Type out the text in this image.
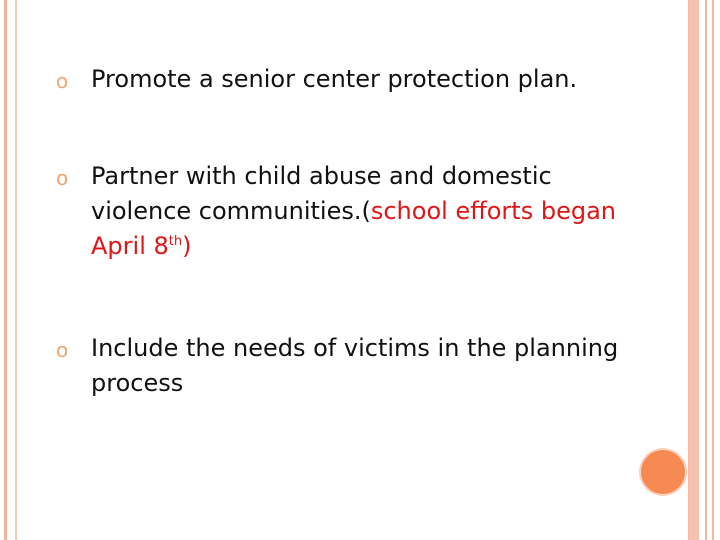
o Promote a senior center protection plan.
o Partner with child abuse and domestic violence communities.(school efforts began April 8th)
o Include the needs of victims in the planning process
